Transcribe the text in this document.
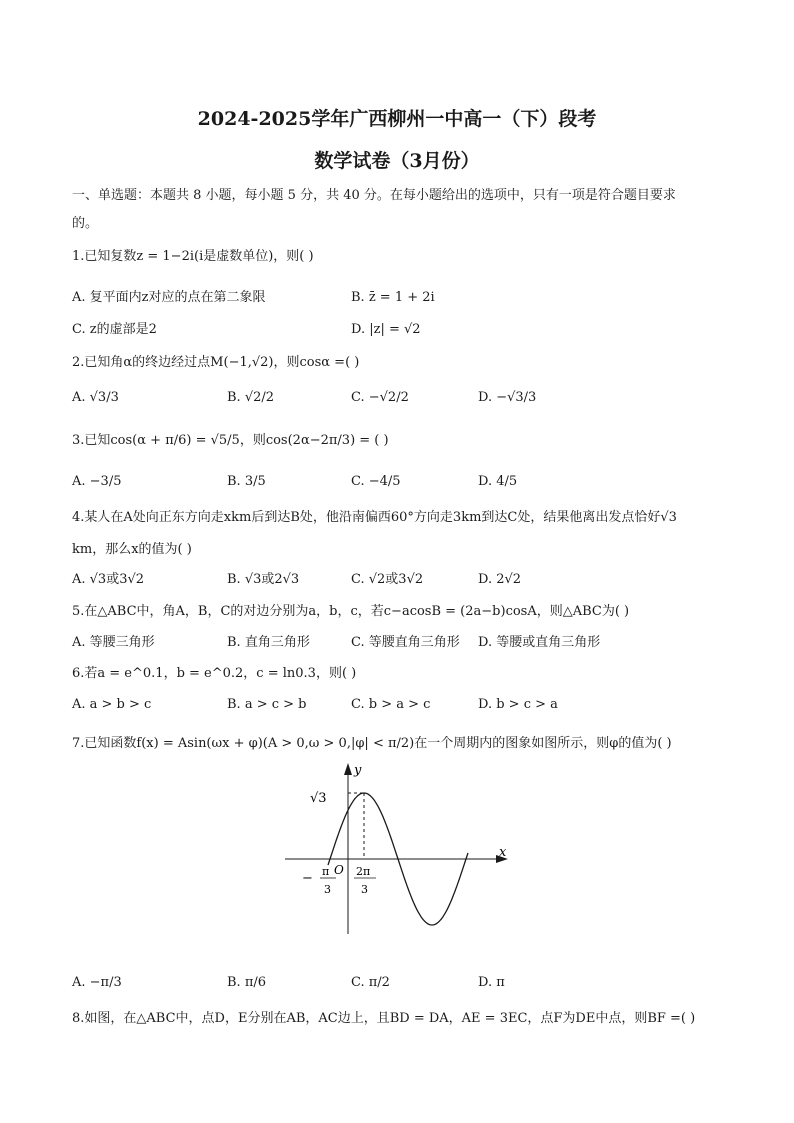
2024-2025学年广西柳州一中高一（下）段考
数学试卷（3月份）
一、单选题：本题共 8 小题，每小题 5 分，共 40 分。在每小题给出的选项中，只有一项是符合题目要求
的。
1.已知复数z = 1−2i(i是虚数单位)，则( )
A. 复平面内z对应的点在第二象限	B. z̄ = 1 + 2i
C. z的虚部是2	D. |z| = √2
2.已知角α的终边经过点M(−1,√2)，则cosα =( )
A. √3/3	B. √2/2	C. −√2/2	D. −√3/3
3.已知cos(α + π/6) = √5/5，则cos(2α−2π/3) = ( )
A. −3/5	B. 3/5	C. −4/5	D. 4/5
4.某人在A处向正东方向走xkm后到达B处，他沿南偏西60°方向走3km到达C处，结果他离出发点恰好√3
km，那么x的值为( )
A. √3或3√2	B. √3或2√3	C. √2或3√2	D. 2√2
5.在△ABC中，角A，B，C的对边分别为a，b，c，若c−acosB = (2a−b)cosA，则△ABC为( )
A. 等腰三角形	B. 直角三角形	C. 等腰直角三角形 D. 等腰或直角三角形
6.若a = e^0.1，b = e^0.2，c = ln0.3，则( )
A. a > b > c	B. a > c > b	C. b > a > c	D. b > c > a
7.已知函数f(x) = Asin(ωx + φ)(A > 0,ω > 0,|φ| < π/2)在一个周期内的图象如图所示，则φ的值为( )
x
y
√3
− π
3
O 2π
3
A. −π/3	B. π/6	C. π/2	D. π
8.如图，在△ABC中，点D，E分别在AB，AC边上，且BD = DA，AE = 3EC，点F为DE中点，则BF =( )
